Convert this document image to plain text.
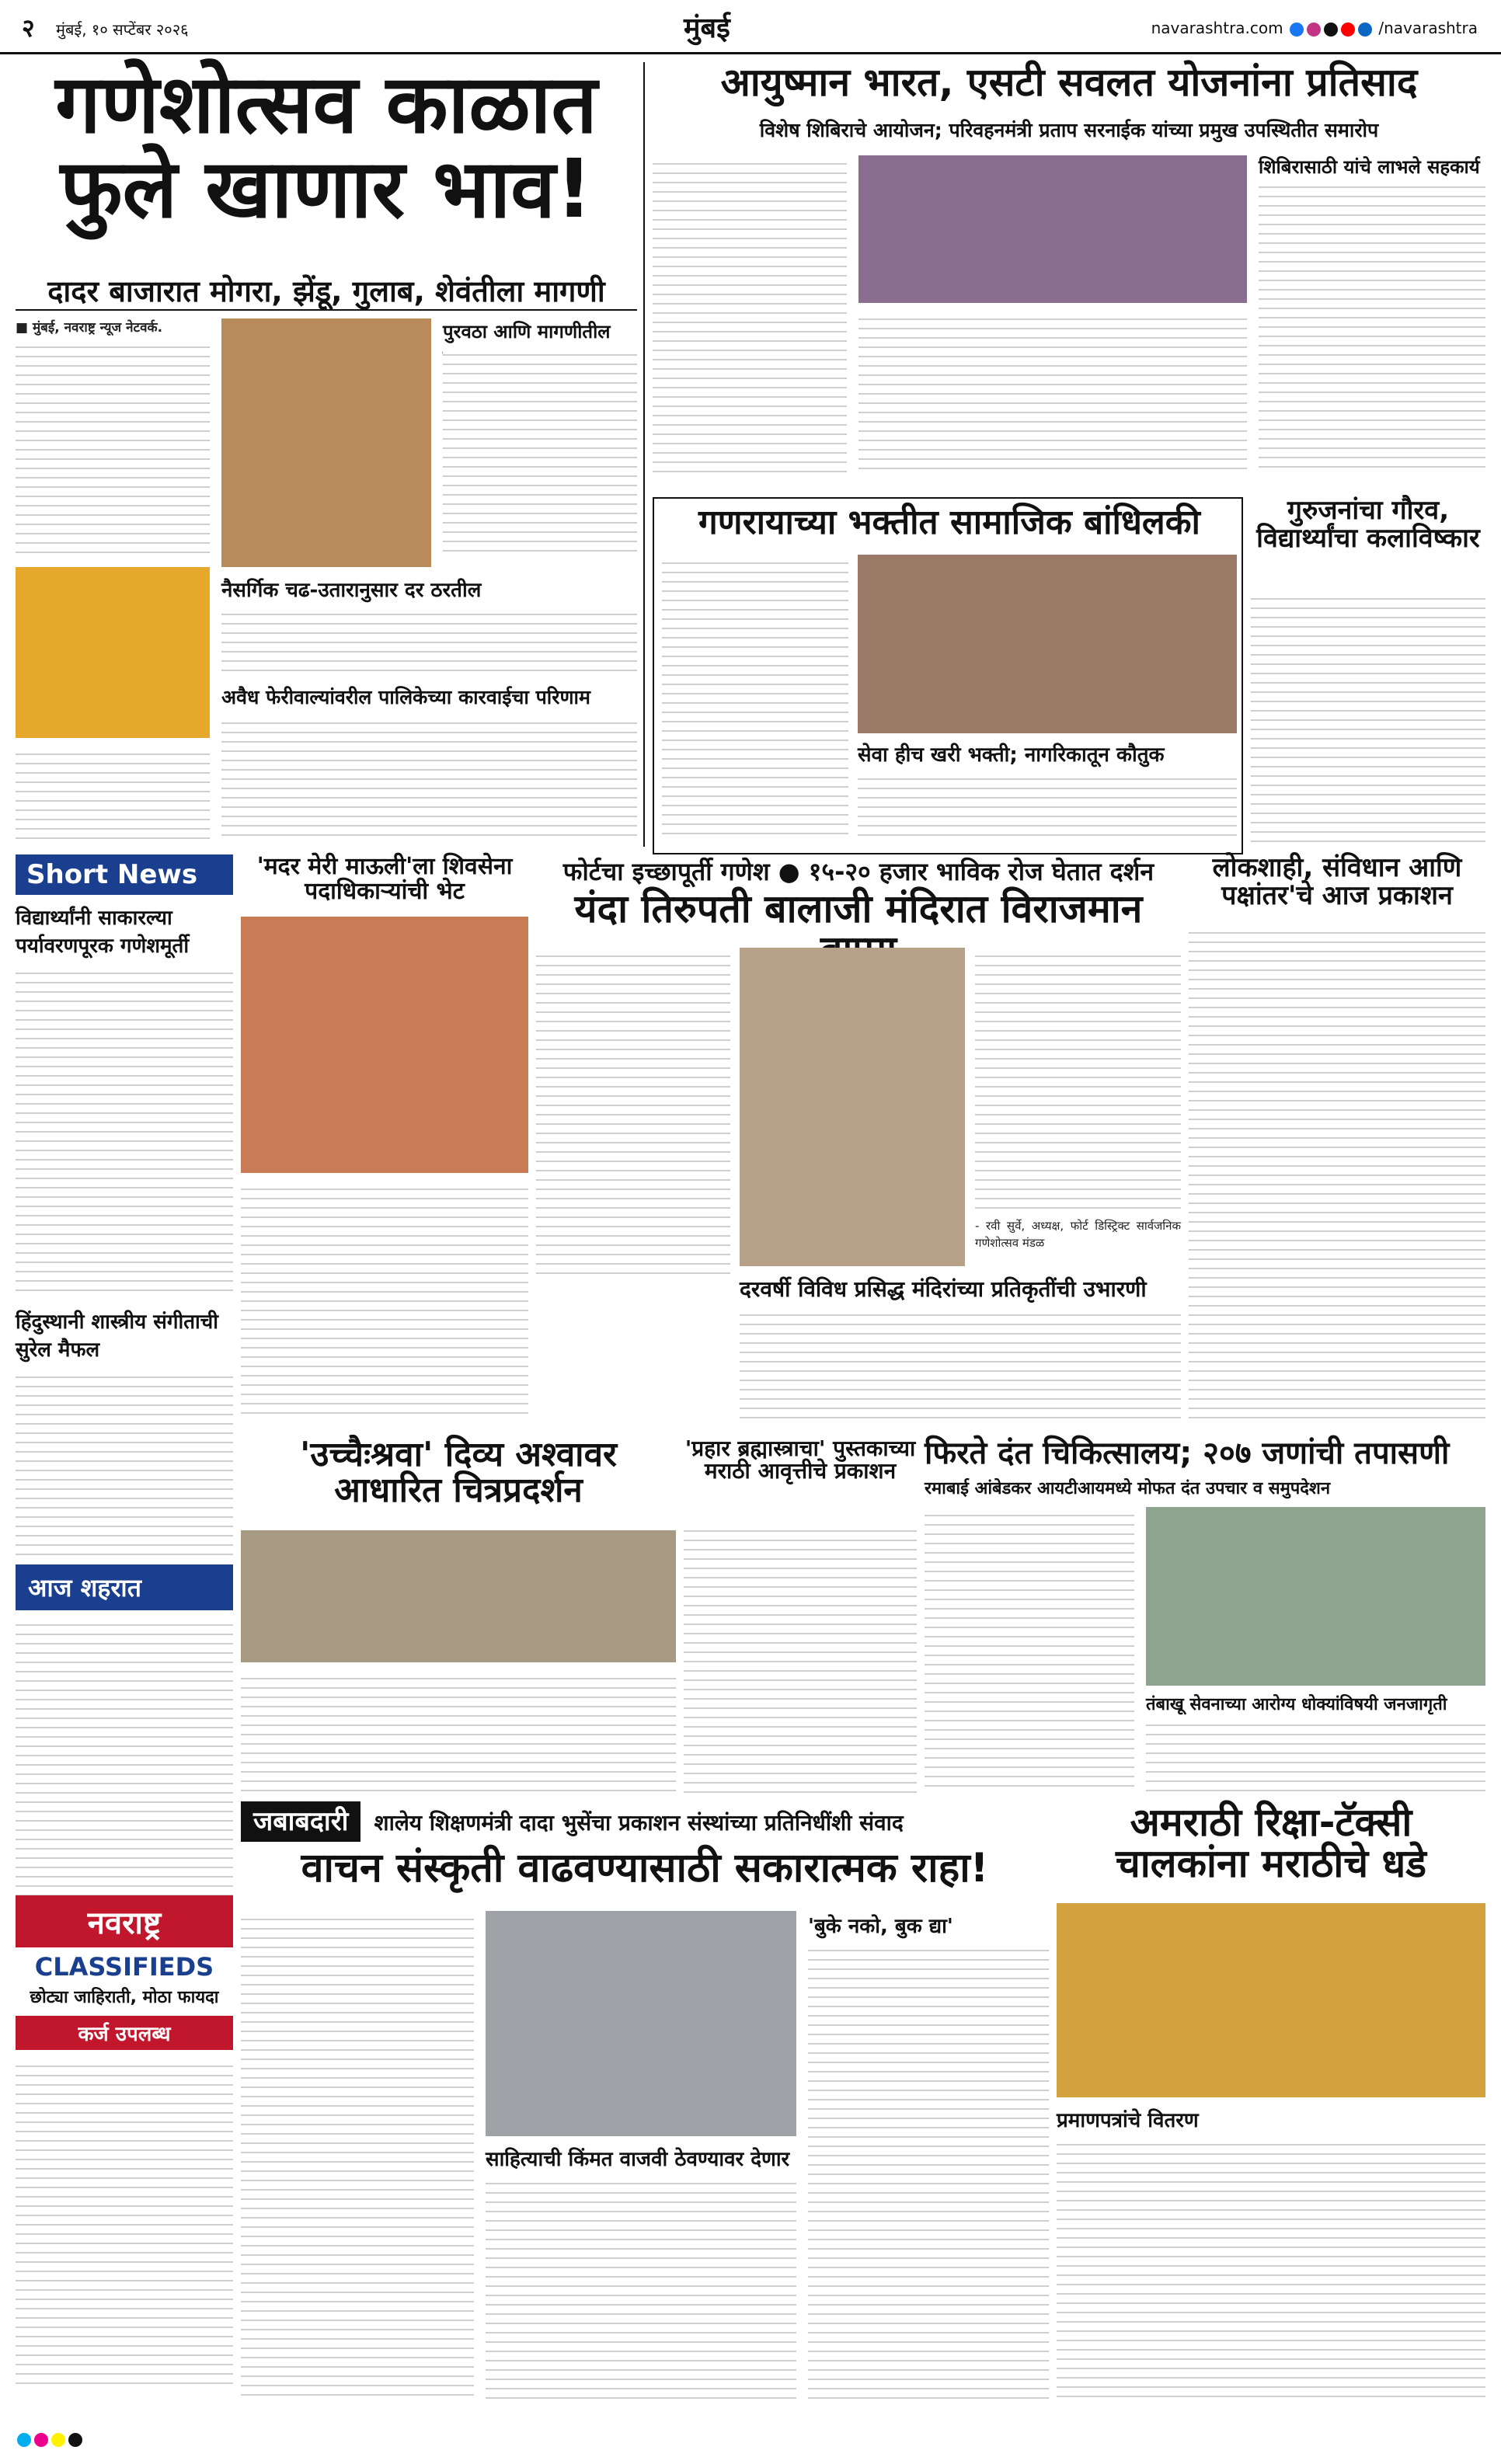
२ मुंबई, १० सप्टेंबर २०२६	मुंबई	navarashtra.com	/navarashtra
गणेशोत्सव काळात
फुले खाणार भाव!
दादर बाजारात मोगरा, झेंडू, गुलाब, शेवंतीला मागणी
■ मुंबई, नवराष्ट्र न्यूज नेटवर्क.	पुरवठा आणि मागणीतील
नैसर्गिक चढ-उतारानुसार दर ठरतील
अवैध फेरीवाल्यांवरील पालिकेच्या कारवाईचा परिणाम
आयुष्मान भारत, एसटी सवलत योजनांना प्रतिसाद
विशेष शिबिराचे आयोजन; परिवहनमंत्री प्रताप सरनाईक यांच्या प्रमुख उपस्थितीत समारोप
शिबिरासाठी यांचे लाभले सहकार्य
गणरायाच्या भक्तीत सामाजिक बांधिलकी
सेवा हीच खरी भक्ती; नागरिकातून कौतुक
गुरुजनांचा गौरव, विद्यार्थ्यांचा कलाविष्कार
Short News
विद्यार्थ्यांनी साकारल्या पर्यावरणपूरक गणेशमूर्ती
हिंदुस्थानी शास्त्रीय संगीताची सुरेल मैफल
आज शहरात
'मदर मेरी माऊली'ला शिवसेना पदाधिकाऱ्यांची भेट
फोर्टचा इच्छापूर्ती गणेश ● १५-२० हजार भाविक रोज घेतात दर्शन
यंदा तिरुपती बालाजी मंदिरात विराजमान
- रवी सुर्वे, अध्यक्ष, फोर्ट डिस्ट्रिक्ट सार्वजनिक गणेशोत्सव मंडळ
दरवर्षी विविध प्रसिद्ध मंदिरांच्या प्रतिकृतींची उभारणी
लोकशाही, संविधान आणि पक्षांतर'चे आज प्रकाशन
'उच्चैःश्रवा' दिव्य अश्वावर
आधारित चित्रप्रदर्शन
'प्रहार ब्रह्मास्त्राचा' पुस्तकाच्या मराठी आवृत्तीचे प्रकाशन फिरते दंत चिकित्सालय; २०७ जणांची तपासणी
रमाबाई आंबेडकर आयटीआयमध्ये मोफत दंत उपचार व समुपदेशन
तंबाखू सेवनाच्या आरोग्य धोक्यांविषयी जनजागृती
जबाबदारी शालेय शिक्षणमंत्री दादा भुसेंचा प्रकाशन संस्थांच्या प्रतिनिधींशी संवाद
वाचन संस्कृती वाढवण्यासाठी सकारात्मक राहा!
साहित्याची किंमत वाजवी ठेवण्यावर देणार
'बुके नको, बुक द्या'
अमराठी रिक्षा-टॅक्सी
चालकांना मराठीचे धडे
प्रमाणपत्रांचे वितरण
नवराष्ट्र
CLASSIFIEDS
छोट्या जाहिराती, मोठा फायदा
कर्ज उपलब्ध
